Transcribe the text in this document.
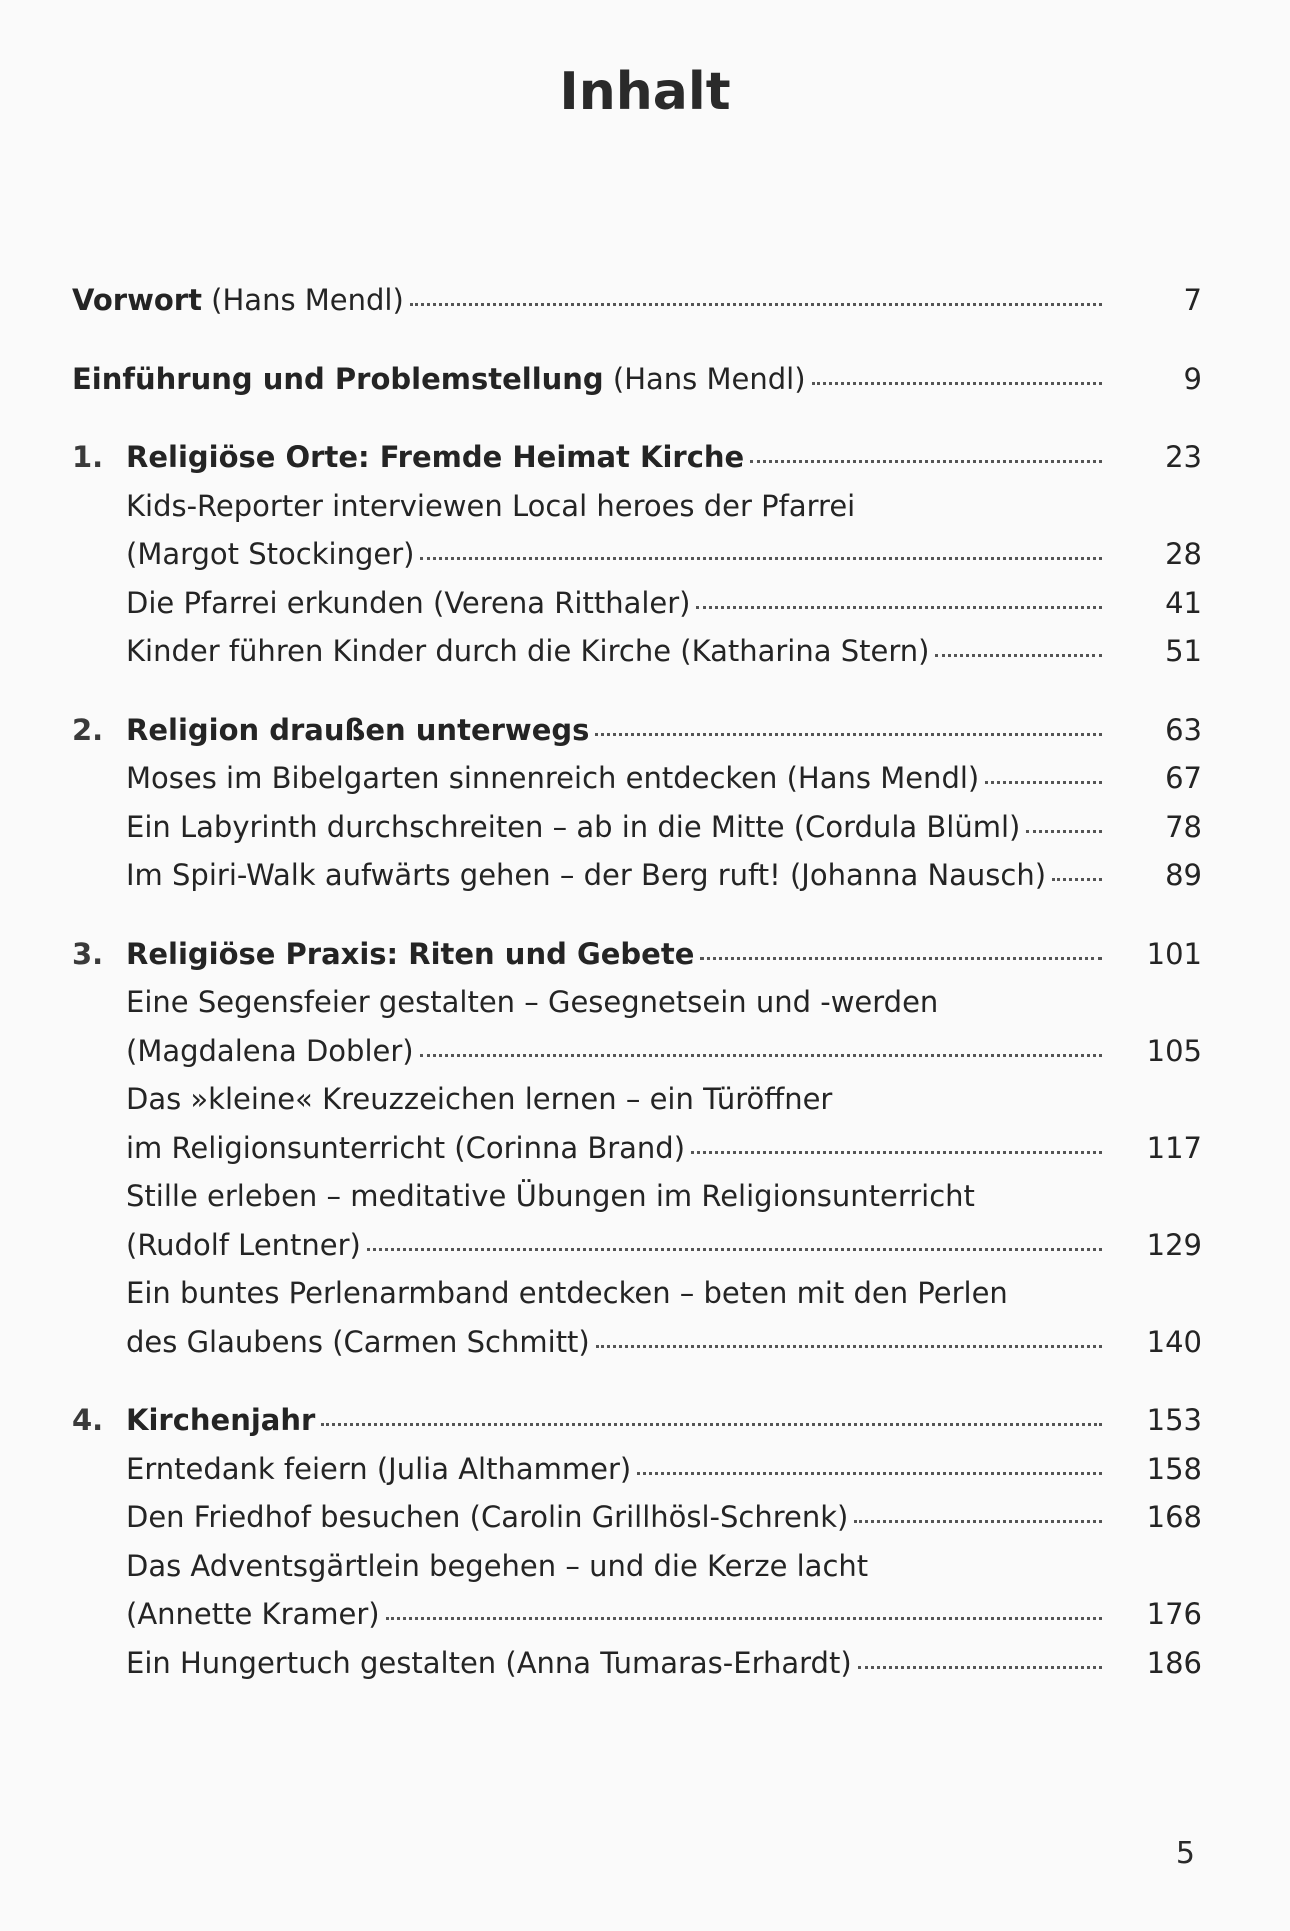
Inhalt
Vorwort (Hans Mendl)	7
Einführung und Problemstellung (Hans Mendl)	9
1. Religiöse Orte: Fremde Heimat Kirche	23
Kids-Reporter interviewen Local heroes der Pfarrei
(Margot Stockinger)	28
Die Pfarrei erkunden (Verena Ritthaler)	41
Kinder führen Kinder durch die Kirche (Katharina Stern)	51
2. Religion draußen unterwegs	63
Moses im Bibelgarten sinnenreich entdecken (Hans Mendl)	67
Ein Labyrinth durchschreiten – ab in die Mitte (Cordula Blüml)	78
Im Spiri-Walk aufwärts gehen – der Berg ruft! (Johanna Nausch)	89
3. Religiöse Praxis: Riten und Gebete	101
Eine Segensfeier gestalten – Gesegnetsein und -werden
(Magdalena Dobler)	105
Das »kleine« Kreuzzeichen lernen – ein Türöffner
im Religionsunterricht (Corinna Brand)	117
Stille erleben – meditative Übungen im Religionsunterricht
(Rudolf Lentner)	129
Ein buntes Perlenarmband entdecken – beten mit den Perlen
des Glaubens (Carmen Schmitt)	140
4. Kirchenjahr	153
Erntedank feiern (Julia Althammer)	158
Den Friedhof besuchen (Carolin Grillhösl-Schrenk)	168
Das Adventsgärtlein begehen – und die Kerze lacht
(Annette Kramer)	176
Ein Hungertuch gestalten (Anna Tumaras-Erhardt)	186
5
